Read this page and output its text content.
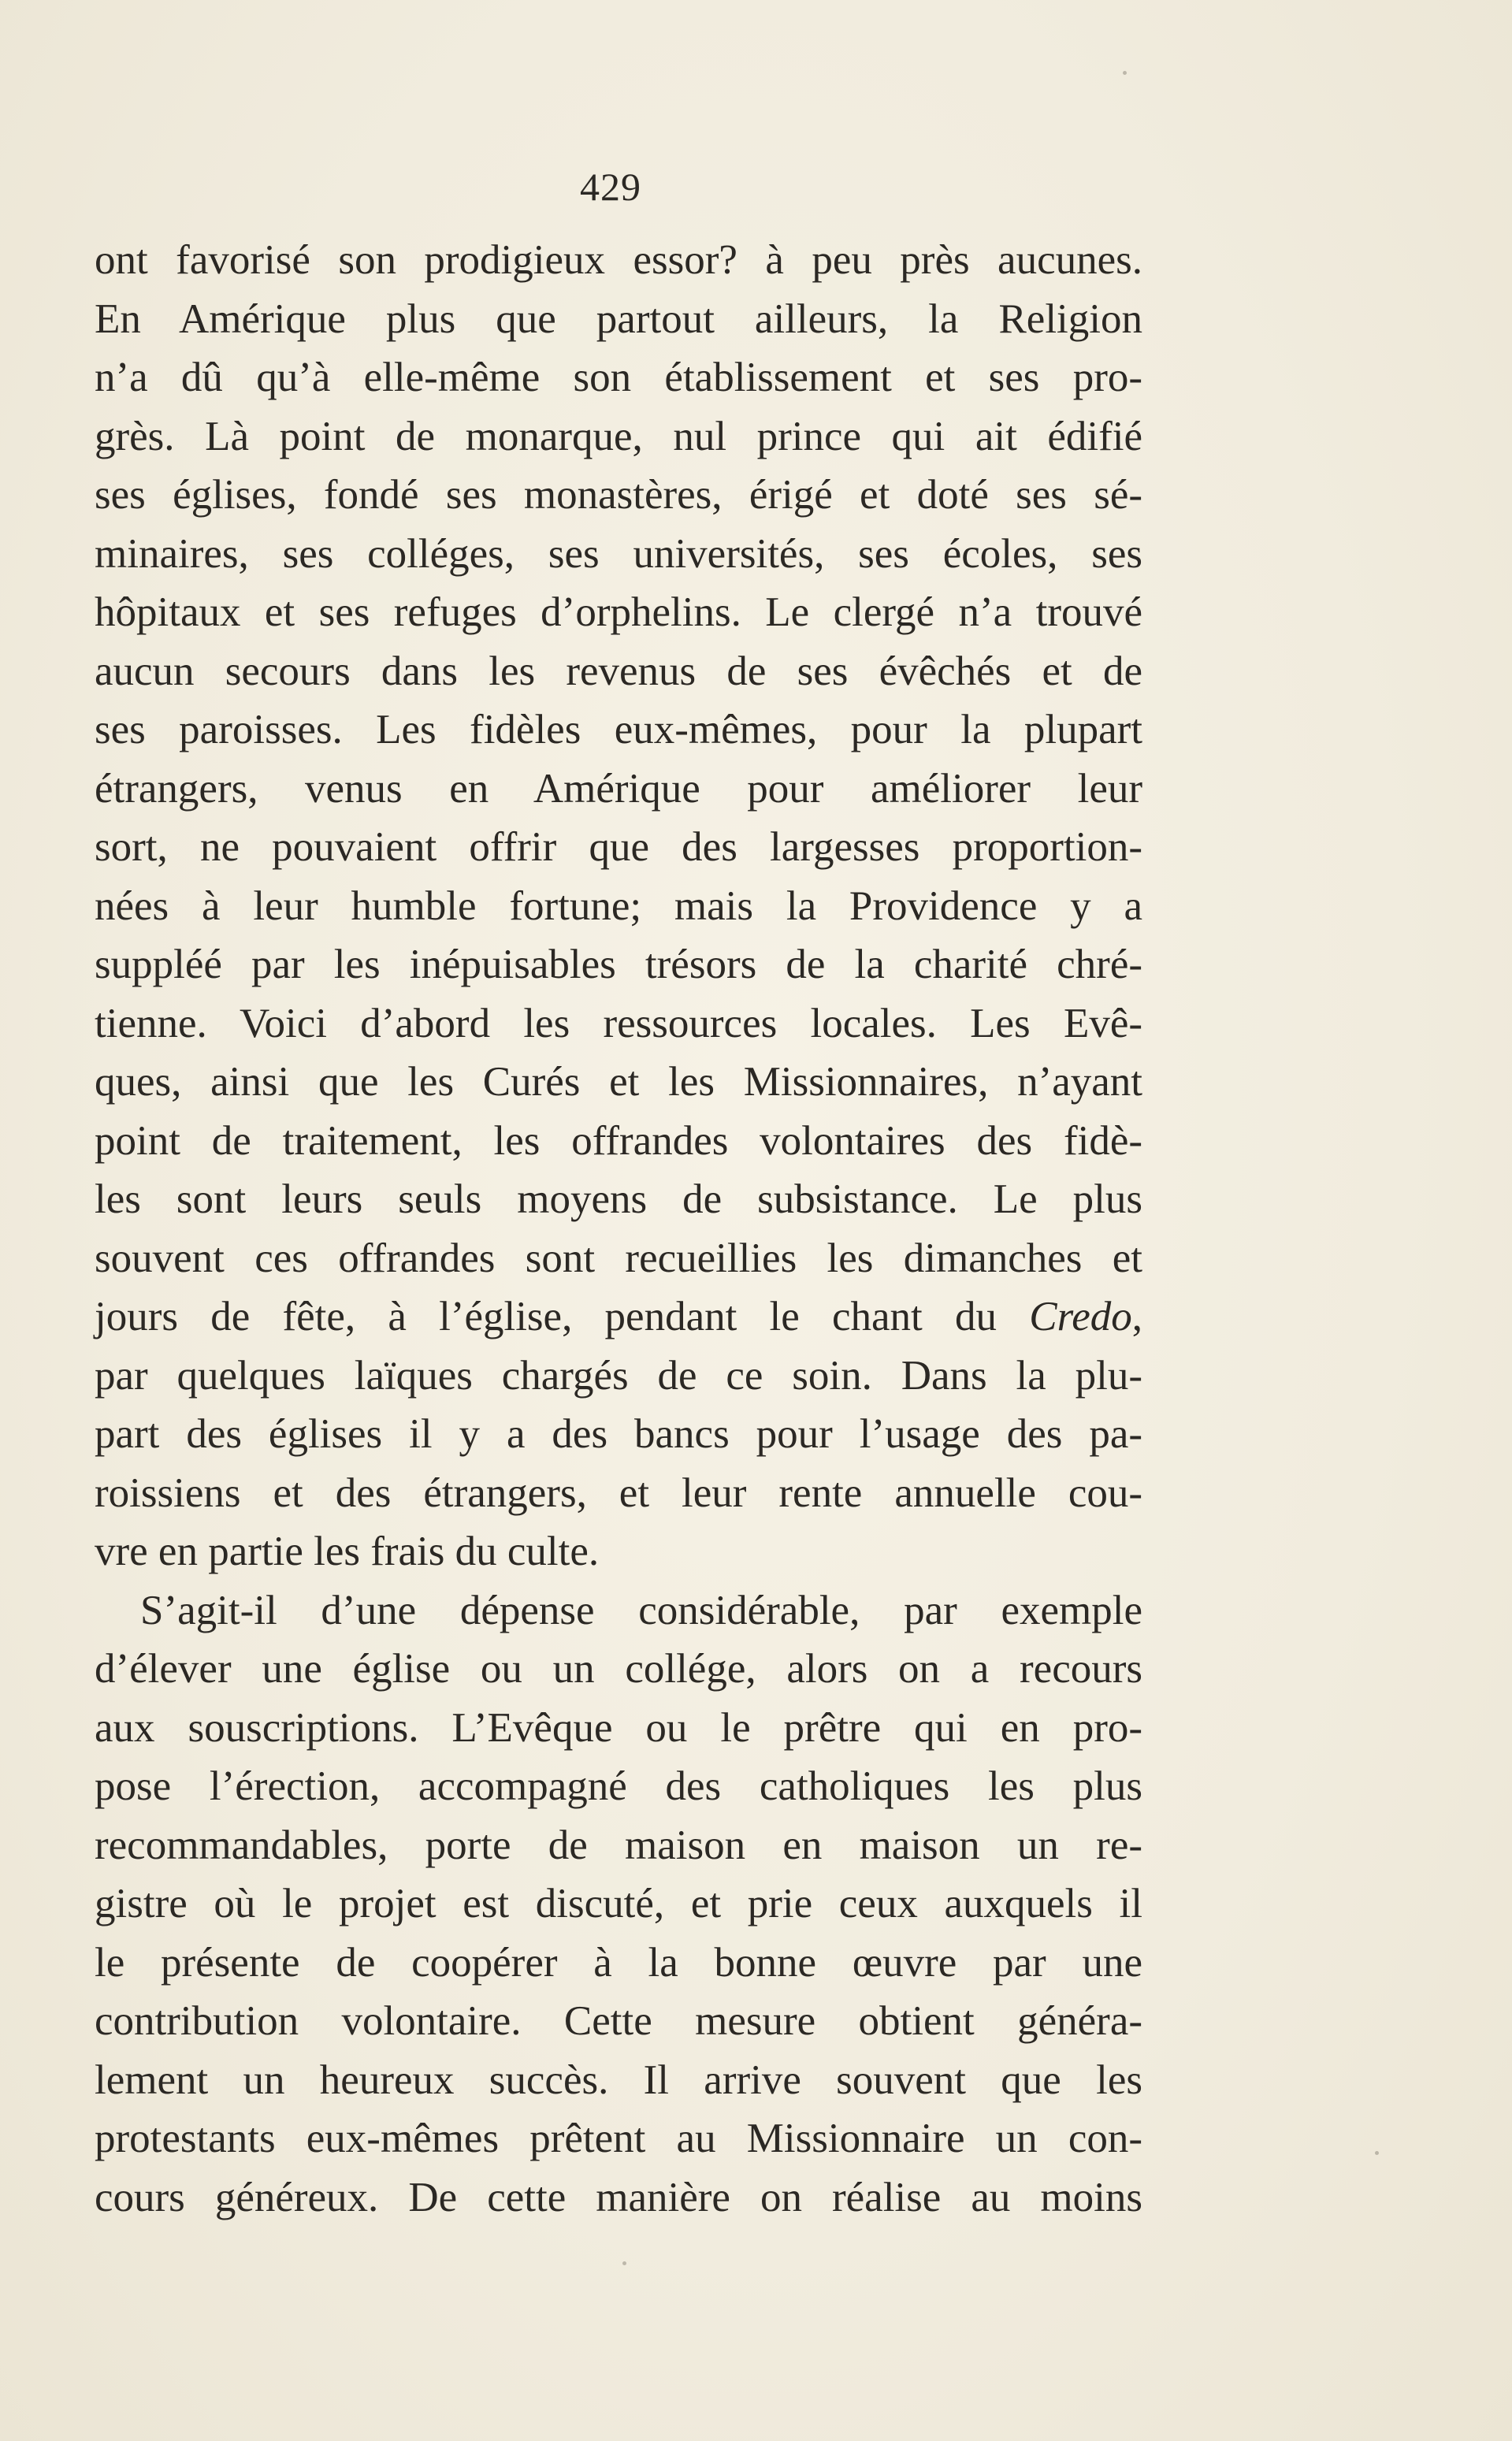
429
ont favorisé son prodigieux essor? à peu près aucunes.
En Amérique plus que partout ailleurs, la Religion
n’a dû qu’à elle-même son établissement et ses pro-
grès. Là point de monarque, nul prince qui ait édifié
ses églises, fondé ses monastères, érigé et doté ses sé-
minaires, ses colléges, ses universités, ses écoles, ses
hôpitaux et ses refuges d’orphelins. Le clergé n’a trouvé
aucun secours dans les revenus de ses évêchés et de
ses paroisses. Les fidèles eux-mêmes, pour la plupart
étrangers, venus en Amérique pour améliorer leur
sort, ne pouvaient offrir que des largesses proportion-
nées à leur humble fortune; mais la Providence y a
suppléé par les inépuisables trésors de la charité chré-
tienne. Voici d’abord les ressources locales. Les Evê-
ques, ainsi que les Curés et les Missionnaires, n’ayant
point de traitement, les offrandes volontaires des fidè-
les sont leurs seuls moyens de subsistance. Le plus
souvent ces offrandes sont recueillies les dimanches et
jours de fête, à l’église, pendant le chant du Credo,
par quelques laïques chargés de ce soin. Dans la plu-
part des églises il y a des bancs pour l’usage des pa-
roissiens et des étrangers, et leur rente annuelle cou-
vre en partie les frais du culte.
S’agit-il d’une dépense considérable, par exemple
d’élever une église ou un collége, alors on a recours
aux souscriptions. L’Evêque ou le prêtre qui en pro-
pose l’érection, accompagné des catholiques les plus
recommandables, porte de maison en maison un re-
gistre où le projet est discuté, et prie ceux auxquels il
le présente de coopérer à la bonne œuvre par une
contribution volontaire. Cette mesure obtient généra-
lement un heureux succès. Il arrive souvent que les
protestants eux-mêmes prêtent au Missionnaire un con-
cours généreux. De cette manière on réalise au moins
